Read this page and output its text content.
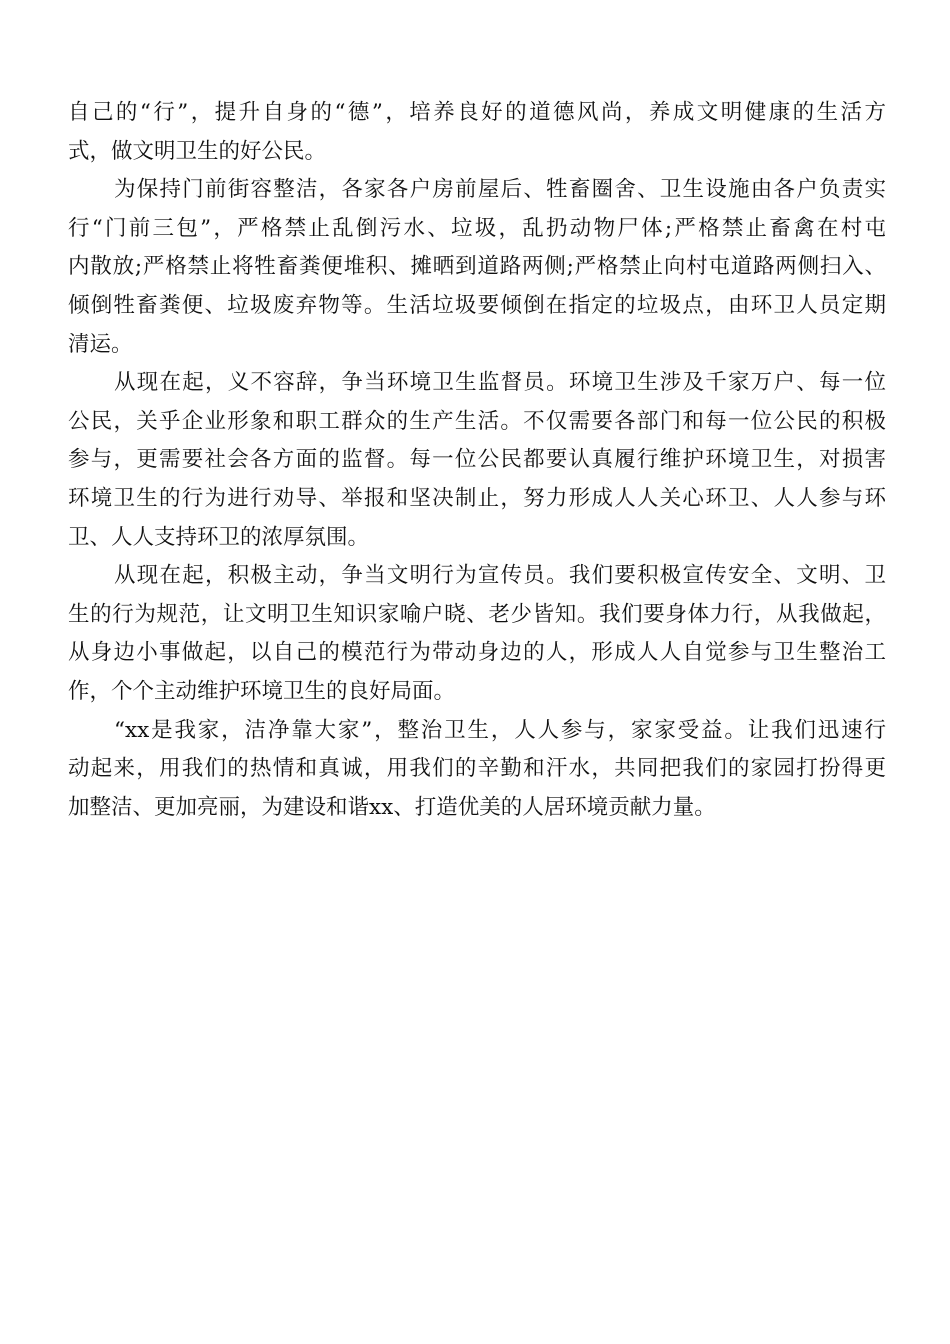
自己的“行”，提升自身的“德”，培养良好的道德风尚，养成文明健康的生活方
式，做文明卫生的好公民。
为保持门前街容整洁，各家各户房前屋后、牲畜圈舍、卫生设施由各户负责实
行“门前三包”，严格禁止乱倒污水、垃圾，乱扔动物尸体;严格禁止畜禽在村屯
内散放;严格禁止将牲畜粪便堆积、摊晒到道路两侧;严格禁止向村屯道路两侧扫入、
倾倒牲畜粪便、垃圾废弃物等。生活垃圾要倾倒在指定的垃圾点，由环卫人员定期
清运。
从现在起，义不容辞，争当环境卫生监督员。环境卫生涉及千家万户、每一位
公民，关乎企业形象和职工群众的生产生活。不仅需要各部门和每一位公民的积极
参与，更需要社会各方面的监督。每一位公民都要认真履行维护环境卫生，对损害
环境卫生的行为进行劝导、举报和坚决制止，努力形成人人关心环卫、人人参与环
卫、人人支持环卫的浓厚氛围。
从现在起，积极主动，争当文明行为宣传员。我们要积极宣传安全、文明、卫
生的行为规范，让文明卫生知识家喻户晓、老少皆知。我们要身体力行，从我做起，
从身边小事做起，以自己的模范行为带动身边的人，形成人人自觉参与卫生整治工
作，个个主动维护环境卫生的良好局面。
“xx是我家，洁净靠大家”，整治卫生，人人参与，家家受益。让我们迅速行
动起来，用我们的热情和真诚，用我们的辛勤和汗水，共同把我们的家园打扮得更
加整洁、更加亮丽，为建设和谐xx、打造优美的人居环境贡献力量。
